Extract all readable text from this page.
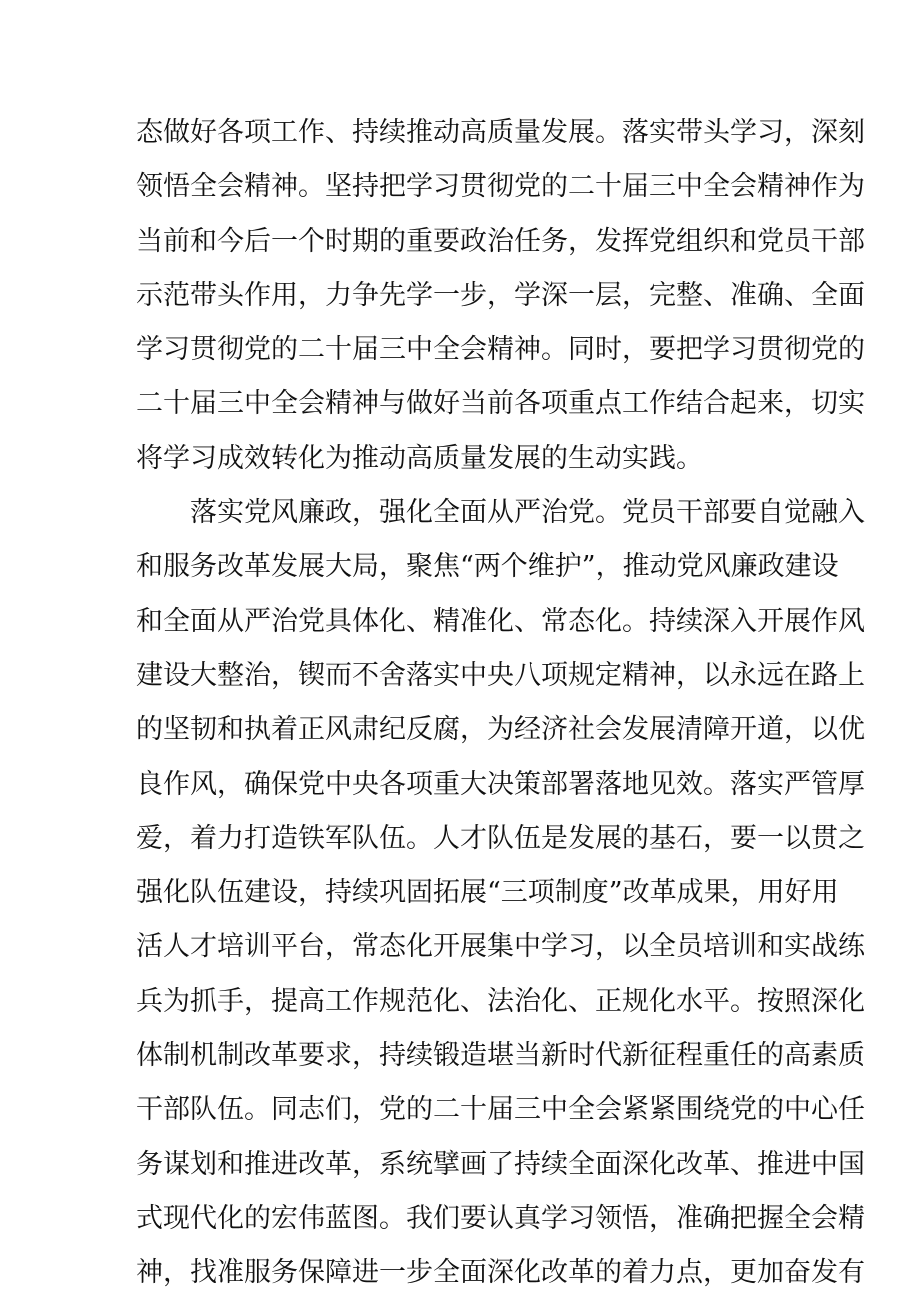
态做好各项工作、持续推动高质量发展。落实带头学习，深刻
领悟全会精神。坚持把学习贯彻党的二十届三中全会精神作为
当前和今后一个时期的重要政治任务，发挥党组织和党员干部
示范带头作用，力争先学一步，学深一层，完整、准确、全面
学习贯彻党的二十届三中全会精神。同时，要把学习贯彻党的
二十届三中全会精神与做好当前各项重点工作结合起来，切实
将学习成效转化为推动高质量发展的生动实践。
落实党风廉政，强化全面从严治党。党员干部要自觉融入
和服务改革发展大局，聚焦“两个维护”，推动党风廉政建设
和全面从严治党具体化、精准化、常态化。持续深入开展作风
建设大整治，锲而不舍落实中央八项规定精神，以永远在路上
的坚韧和执着正风肃纪反腐，为经济社会发展清障开道，以优
良作风，确保党中央各项重大决策部署落地见效。落实严管厚
爱，着力打造铁军队伍。人才队伍是发展的基石，要一以贯之
强化队伍建设，持续巩固拓展“三项制度”改革成果，用好用
活人才培训平台，常态化开展集中学习，以全员培训和实战练
兵为抓手，提高工作规范化、法治化、正规化水平。按照深化
体制机制改革要求，持续锻造堪当新时代新征程重任的高素质
干部队伍。同志们，党的二十届三中全会紧紧围绕党的中心任
务谋划和推进改革，系统擘画了持续全面深化改革、推进中国
式现代化的宏伟蓝图。我们要认真学习领悟，准确把握全会精
神，找准服务保障进一步全面深化改革的着力点，更加奋发有
